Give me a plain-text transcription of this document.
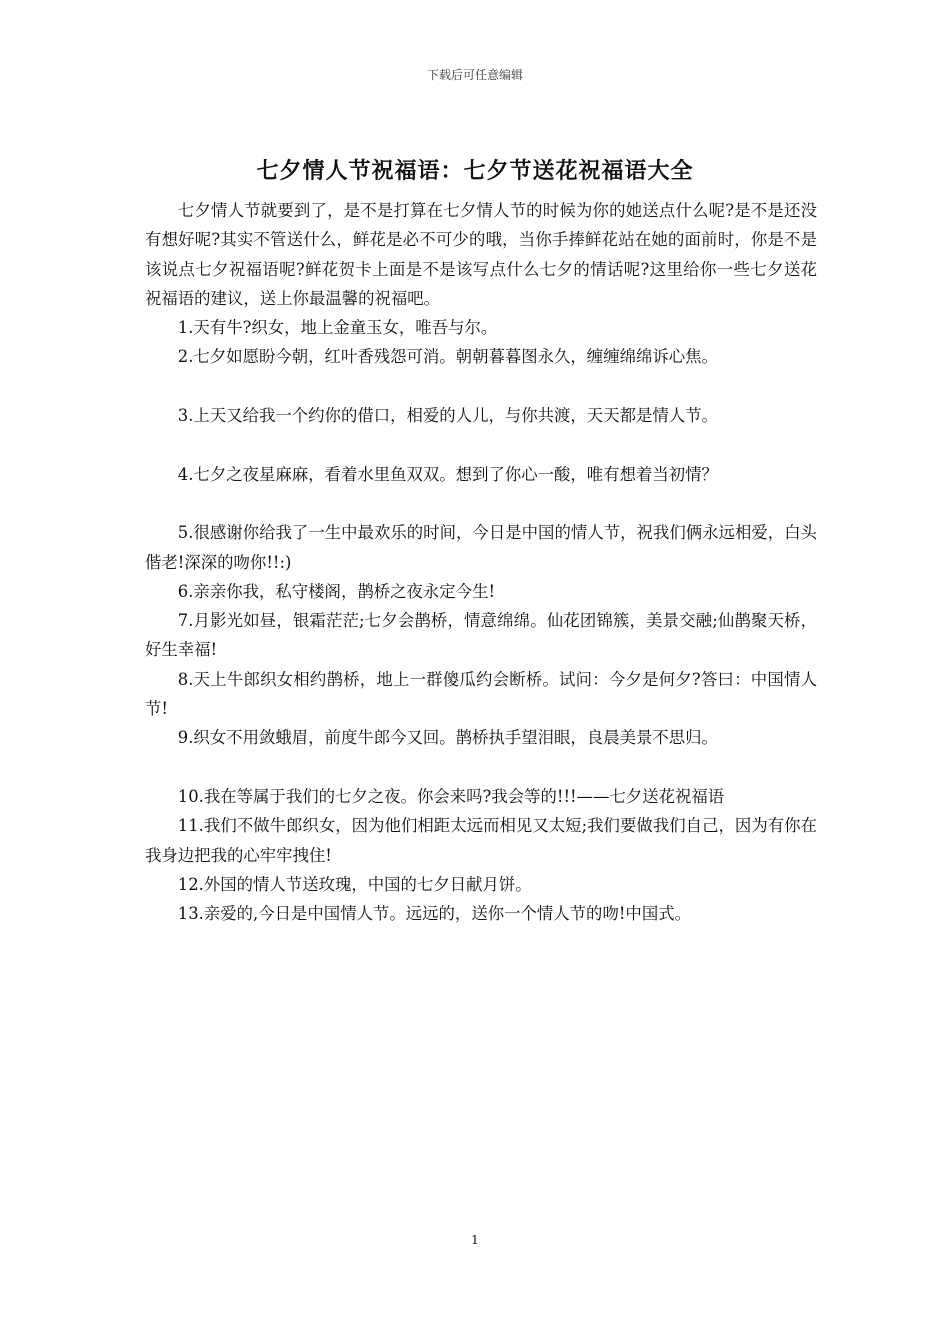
下载后可任意编辑
七夕情人节祝福语：七夕节送花祝福语大全

七夕情人节就要到了，是不是打算在七夕情人节的时候为你的她送点什么呢?是不是还没有想好呢?其实不管送什么，鲜花是必不可少的哦，当你手捧鲜花站在她的面前时，你是不是该说点七夕祝福语呢?鲜花贺卡上面是不是该写点什么七夕的情话呢?这里给你一些七夕送花祝福语的建议，送上你最温馨的祝福吧。

1.天有牛?织女，地上金童玉女，唯吾与尔。

2.七夕如愿盼今朝，红叶香残怨可消。朝朝暮暮图永久，缠缠绵绵诉心焦。

3.上天又给我一个约你的借口，相爱的人儿，与你共渡，天天都是情人节。

4.七夕之夜星麻麻，看着水里鱼双双。想到了你心一酸，唯有想着当初情？

5.很感谢你给我了一生中最欢乐的时间，今日是中国的情人节，祝我们俩永远相爱，白头偕老!深深的吻你!!:)

6.亲亲你我，私守楼阁，鹊桥之夜永定今生!

7.月影光如昼，银霜茫茫;七夕会鹊桥，情意绵绵。仙花团锦簇，美景交融;仙鹊聚天桥，好生幸福!

8.天上牛郎织女相约鹊桥，地上一群傻瓜约会断桥。试问：今夕是何夕?答曰：中国情人节!

9.织女不用敛蛾眉，前度牛郎今又回。鹊桥执手望泪眼，良晨美景不思归。

10.我在等属于我们的七夕之夜。你会来吗?我会等的!!!——七夕送花祝福语

11.我们不做牛郎织女，因为他们相距太远而相见又太短;我们要做我们自己，因为有你在我身边把我的心牢牢拽住!

12.外国的情人节送玫瑰，中国的七夕日献月饼。

13.亲爱的,今日是中国情人节。远远的，送你一个情人节的吻!中国式。

1
